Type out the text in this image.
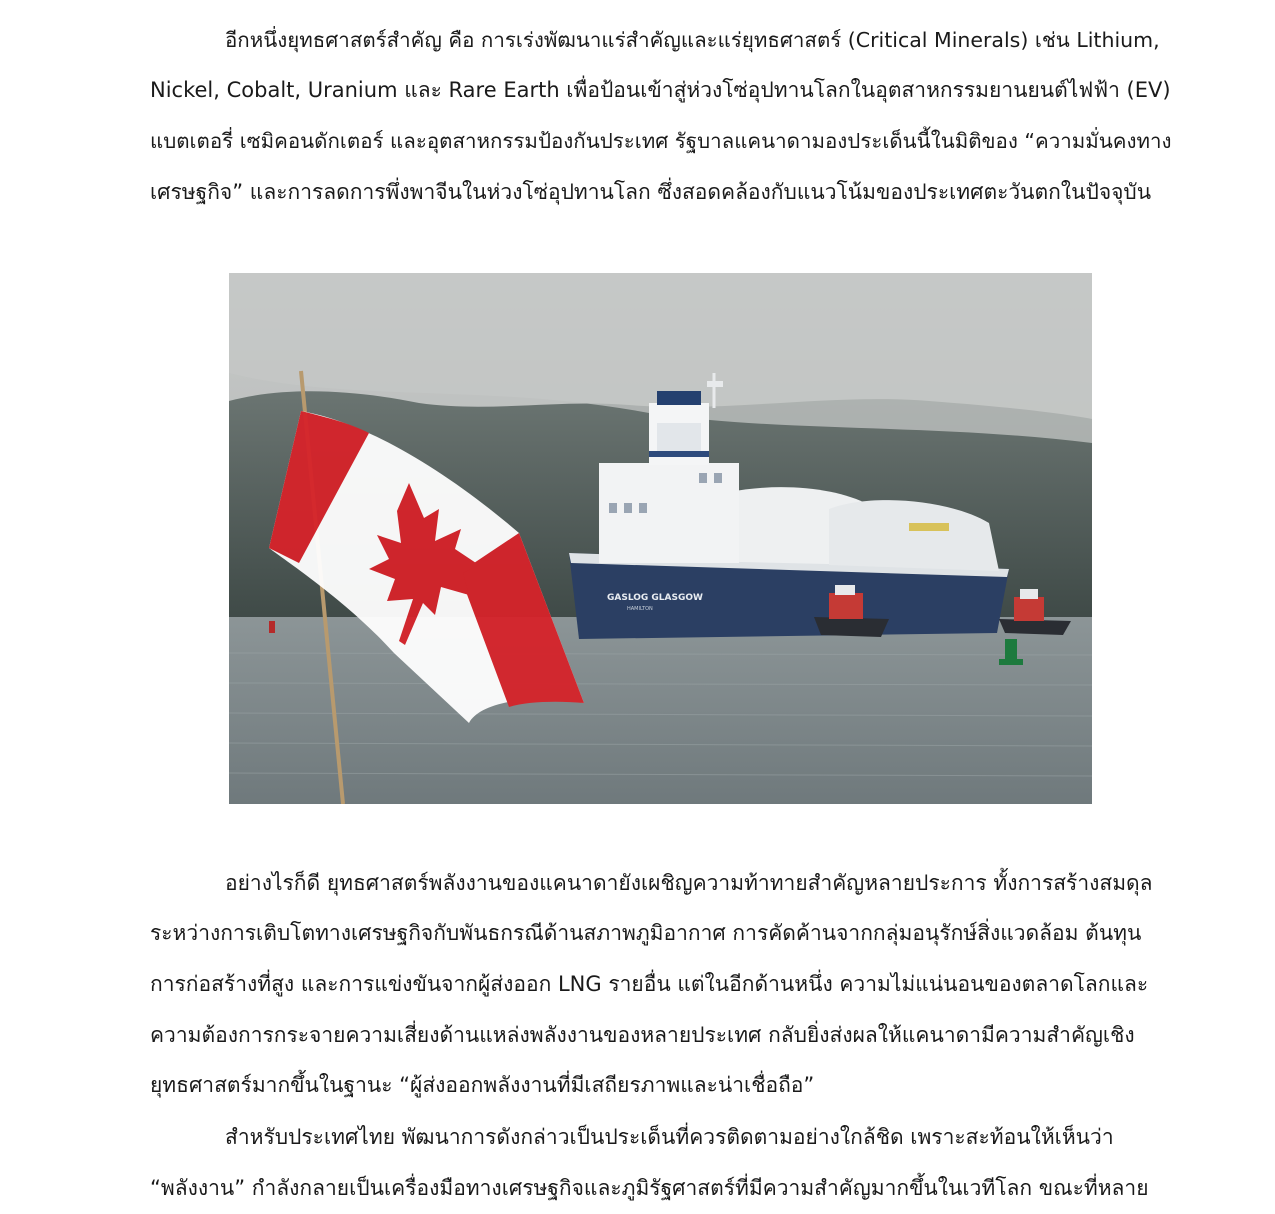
อีกหนึ่งยุทธศาสตร์สำคัญ คือ การเร่งพัฒนาแร่สำคัญและแร่ยุทธศาสตร์ (Critical Minerals) เช่น Lithium,
Nickel, Cobalt, Uranium และ Rare Earth เพื่อป้อนเข้าสู่ห่วงโซ่อุปทานโลกในอุตสาหกรรมยานยนต์ไฟฟ้า (EV)
แบตเตอรี่ เซมิคอนดักเตอร์ และอุตสาหกรรมป้องกันประเทศ รัฐบาลแคนาดามองประเด็นนี้ในมิติของ “ความมั่นคงทาง
เศรษฐกิจ” และการลดการพึ่งพาจีนในห่วงโซ่อุปทานโลก ซึ่งสอดคล้องกับแนวโน้มของประเทศตะวันตกในปัจจุบัน
GASLOG GLASGOW
HAMILTON
อย่างไรก็ดี ยุทธศาสตร์พลังงานของแคนาดายังเผชิญความท้าทายสำคัญหลายประการ ทั้งการสร้างสมดุล
ระหว่างการเติบโตทางเศรษฐกิจกับพันธกรณีด้านสภาพภูมิอากาศ การคัดค้านจากกลุ่มอนุรักษ์สิ่งแวดล้อม ต้นทุน
การก่อสร้างที่สูง และการแข่งขันจากผู้ส่งออก LNG รายอื่น แต่ในอีกด้านหนึ่ง ความไม่แน่นอนของตลาดโลกและ
ความต้องการกระจายความเสี่ยงด้านแหล่งพลังงานของหลายประเทศ กลับยิ่งส่งผลให้แคนาดามีความสำคัญเชิง
ยุทธศาสตร์มากขึ้นในฐานะ “ผู้ส่งออกพลังงานที่มีเสถียรภาพและน่าเชื่อถือ”
สำหรับประเทศไทย พัฒนาการดังกล่าวเป็นประเด็นที่ควรติดตามอย่างใกล้ชิด เพราะสะท้อนให้เห็นว่า
“พลังงาน” กำลังกลายเป็นเครื่องมือทางเศรษฐกิจและภูมิรัฐศาสตร์ที่มีความสำคัญมากขึ้นในเวทีโลก ขณะที่หลาย
